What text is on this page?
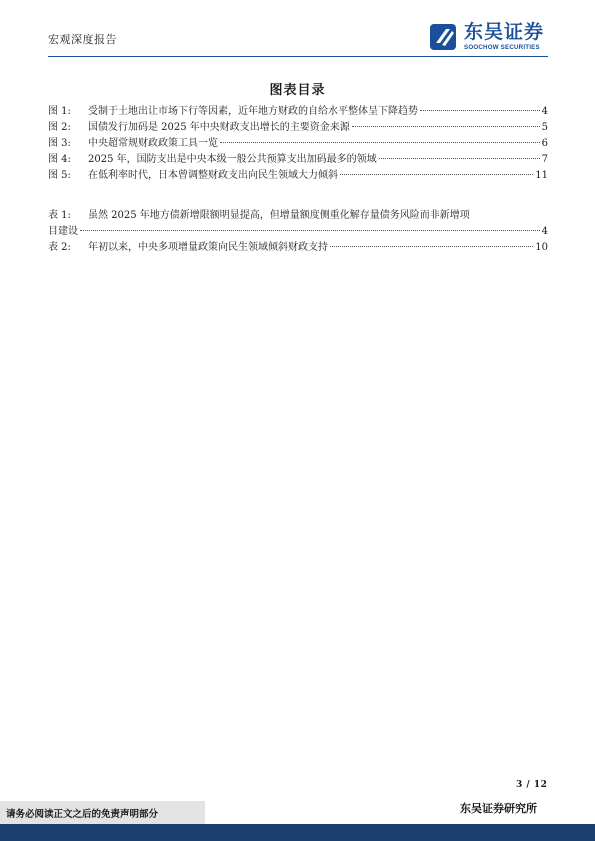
宏观深度报告	东吴证券
SOOCHOW SECURITIES
图表目录
图 1:	受制于土地出让市场下行等因素，近年地方财政的自给水平整体呈下降趋势	4
图 2:	国债发行加码是 2025 年中央财政支出增长的主要资金来源	5
图 3:	中央超常规财政政策工具一览	6
图 4:	2025 年，国防支出是中央本级一般公共预算支出加码最多的领域	7
图 5:	在低利率时代，日本曾调整财政支出向民生领域大力倾斜	11
表 1:	虽然 2025 年地方债新增限额明显提高，但增量额度侧重化解存量债务风险而非新增项
目建设	4
表 2:	年初以来，中央多项增量政策向民生领域倾斜财政支持	10
3 / 12
请务必阅读正文之后的免责声明部分	东吴证券研究所
